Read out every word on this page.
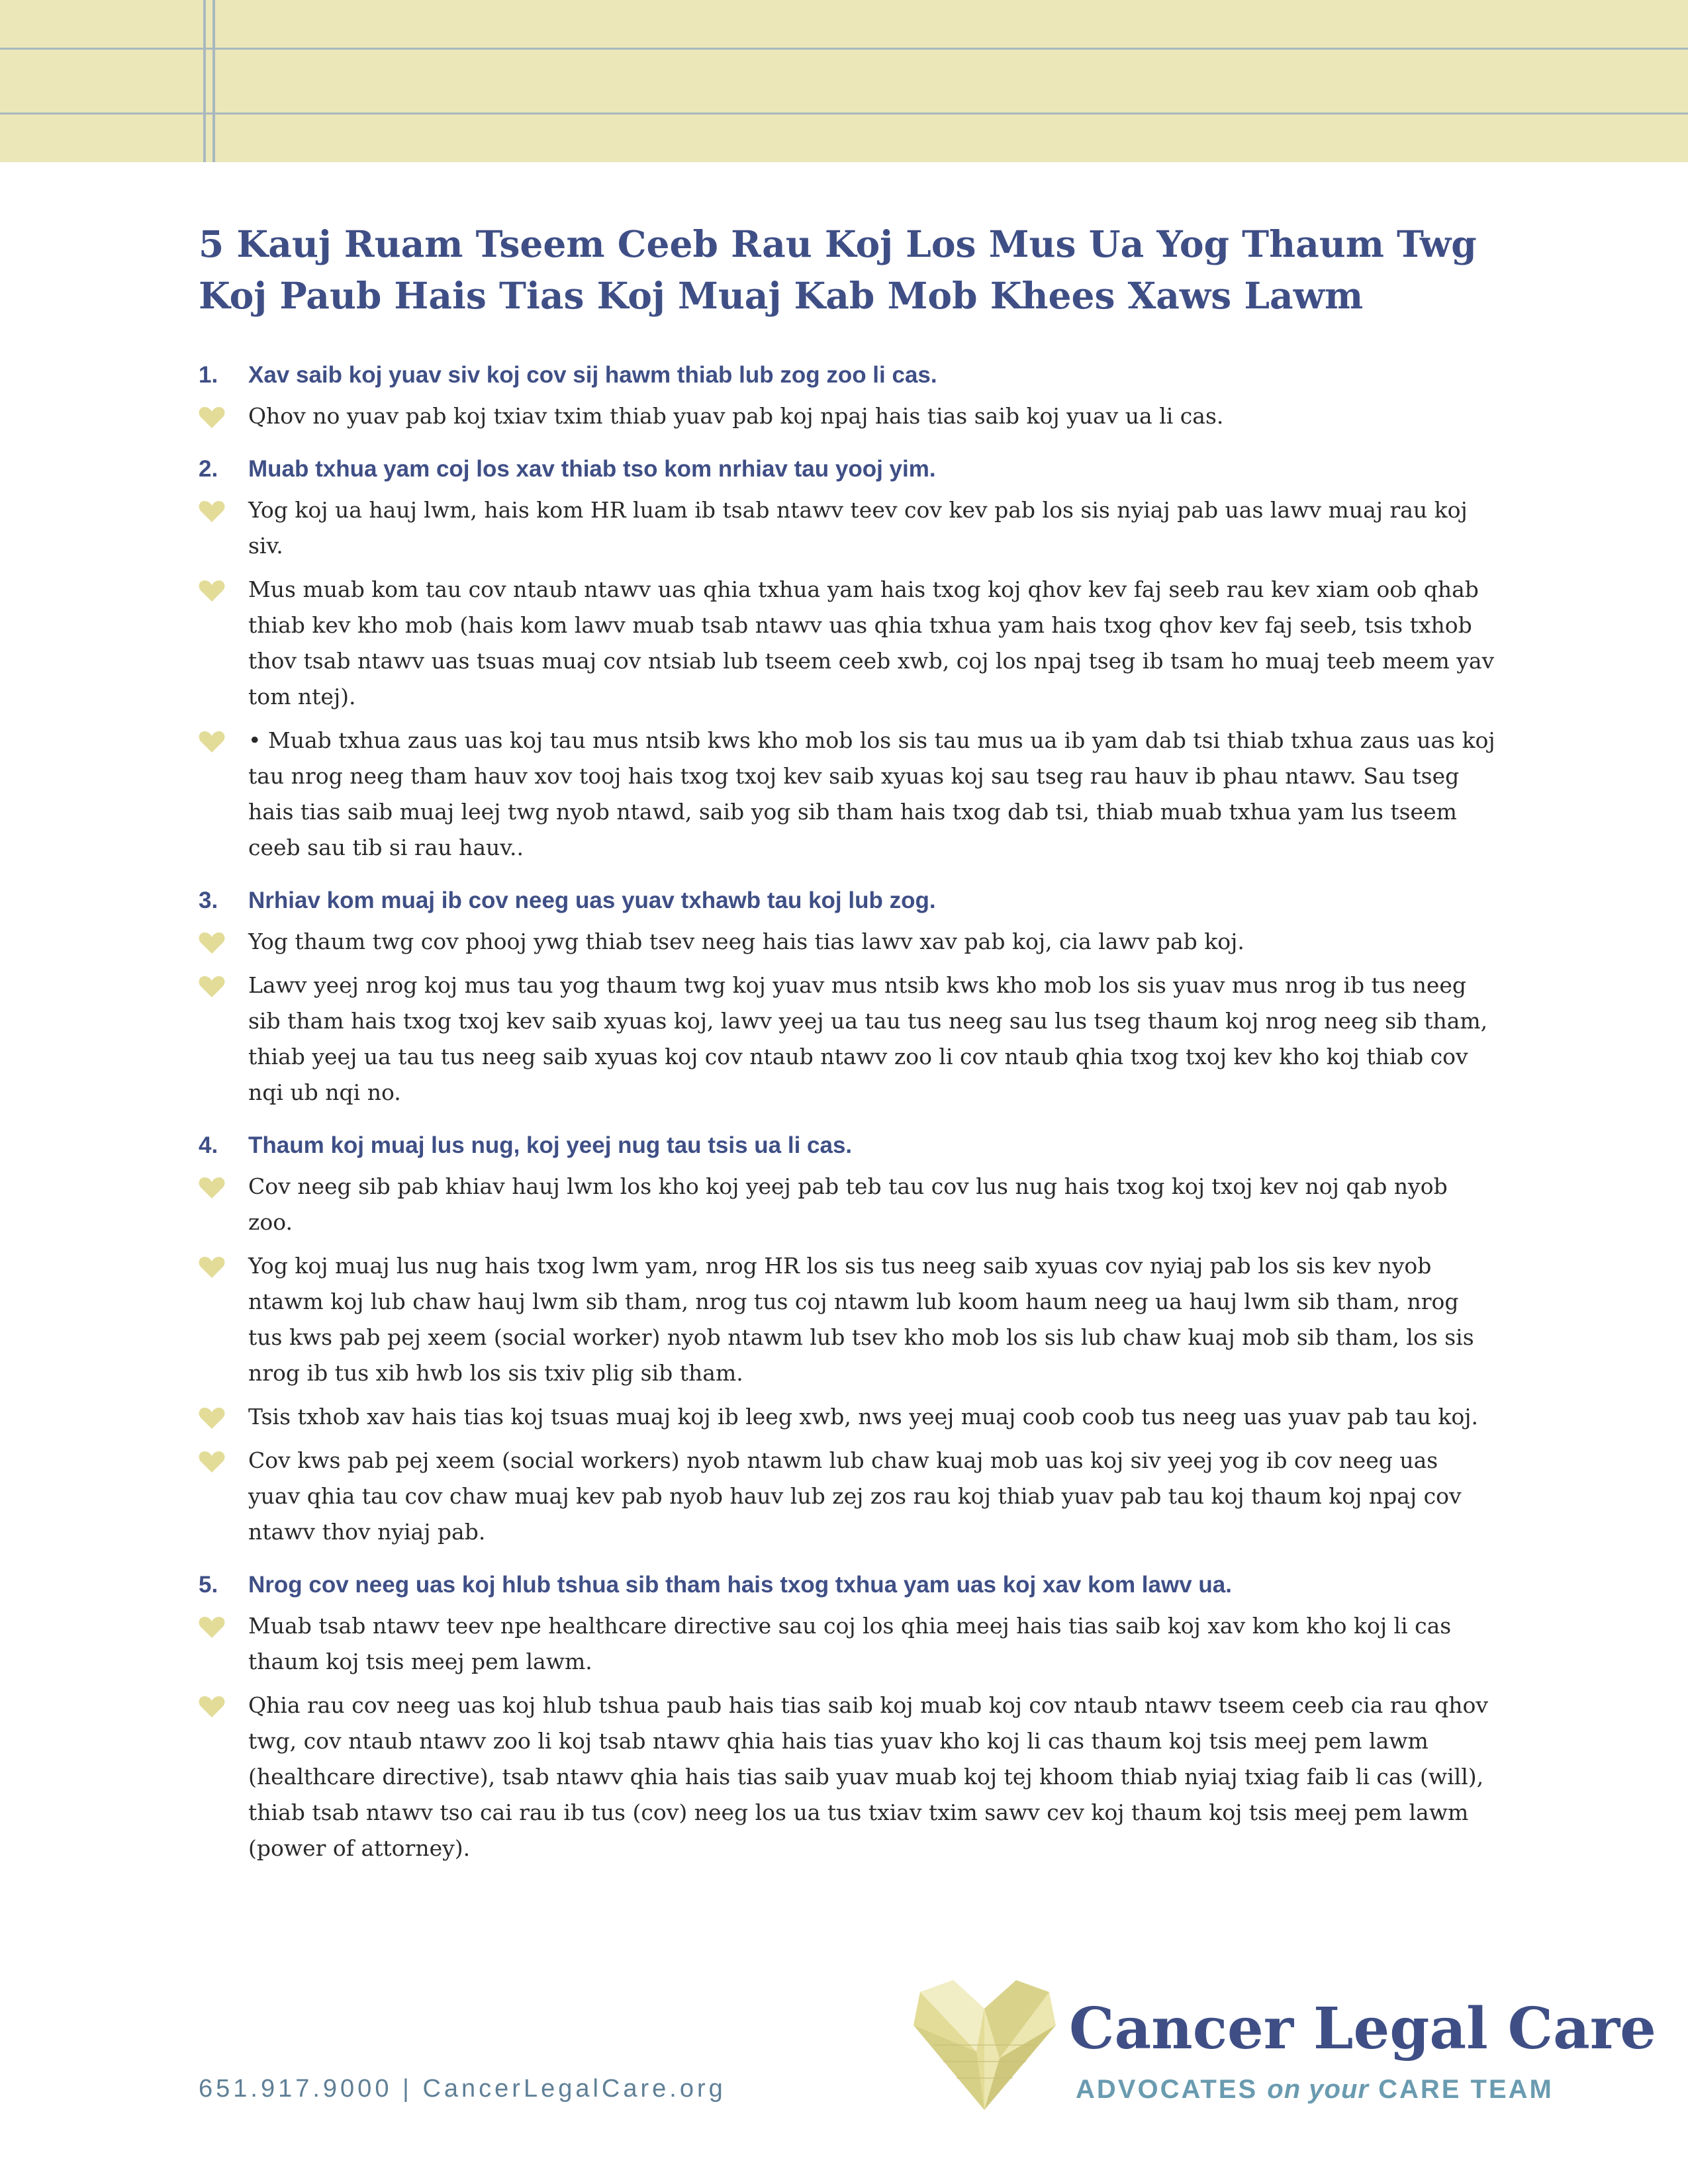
5 Kauj Ruam Tseem Ceeb Rau Koj Los Mus Ua Yog Thaum Twg
Koj Paub Hais Tias Koj Muaj Kab Mob Khees Xaws Lawm
1.	Xav saib koj yuav siv koj cov sij hawm thiab lub zog zoo li cas.
Qhov no yuav pab koj txiav txim thiab yuav pab koj npaj hais tias saib koj yuav ua li cas.
2.	Muab txhua yam coj los xav thiab tso kom nrhiav tau yooj yim.
Yog koj ua hauj lwm, hais kom HR luam ib tsab ntawv teev cov kev pab los sis nyiaj pab uas lawv muaj rau koj siv.
Mus muab kom tau cov ntaub ntawv uas qhia txhua yam hais txog koj qhov kev faj seeb rau kev xiam oob qhab thiab kev kho mob (hais kom lawv muab tsab ntawv uas qhia txhua yam hais txog qhov kev faj seeb, tsis txhob thov tsab ntawv uas tsuas muaj cov ntsiab lub tseem ceeb xwb, coj los npaj tseg ib tsam ho muaj teeb meem yav tom ntej).
• Muab txhua zaus uas koj tau mus ntsib kws kho mob los sis tau mus ua ib yam dab tsi thiab txhua zaus uas koj tau nrog neeg tham hauv xov tooj hais txog txoj kev saib xyuas koj sau tseg rau hauv ib phau ntawv. Sau tseg hais tias saib muaj leej twg nyob ntawd, saib yog sib tham hais txog dab tsi, thiab muab txhua yam lus tseem ceeb sau tib si rau hauv..
3.	Nrhiav kom muaj ib cov neeg uas yuav txhawb tau koj lub zog.
Yog thaum twg cov phooj ywg thiab tsev neeg hais tias lawv xav pab koj, cia lawv pab koj.
Lawv yeej nrog koj mus tau yog thaum twg koj yuav mus ntsib kws kho mob los sis yuav mus nrog ib tus neeg sib tham hais txog txoj kev saib xyuas koj, lawv yeej ua tau tus neeg sau lus tseg thaum koj nrog neeg sib tham, thiab yeej ua tau tus neeg saib xyuas koj cov ntaub ntawv zoo li cov ntaub qhia txog txoj kev kho koj thiab cov nqi ub nqi no.
4.	Thaum koj muaj lus nug, koj yeej nug tau tsis ua li cas.
Cov neeg sib pab khiav hauj lwm los kho koj yeej pab teb tau cov lus nug hais txog koj txoj kev noj qab nyob zoo.
Yog koj muaj lus nug hais txog lwm yam, nrog HR los sis tus neeg saib xyuas cov nyiaj pab los sis kev nyob ntawm koj lub chaw hauj lwm sib tham, nrog tus coj ntawm lub koom haum neeg ua hauj lwm sib tham, nrog tus kws pab pej xeem (social worker) nyob ntawm lub tsev kho mob los sis lub chaw kuaj mob sib tham, los sis nrog ib tus xib hwb los sis txiv plig sib tham.
Tsis txhob xav hais tias koj tsuas muaj koj ib leeg xwb, nws yeej muaj coob coob tus neeg uas yuav pab tau koj.
Cov kws pab pej xeem (social workers) nyob ntawm lub chaw kuaj mob uas koj siv yeej yog ib cov neeg uas yuav qhia tau cov chaw muaj kev pab nyob hauv lub zej zos rau koj thiab yuav pab tau koj thaum koj npaj cov ntawv thov nyiaj pab.
5.	Nrog cov neeg uas koj hlub tshua sib tham hais txog txhua yam uas koj xav kom lawv ua.
Muab tsab ntawv teev npe healthcare directive sau coj los qhia meej hais tias saib koj xav kom kho koj li cas thaum koj tsis meej pem lawm.
Qhia rau cov neeg uas koj hlub tshua paub hais tias saib koj muab koj cov ntaub ntawv tseem ceeb cia rau qhov twg, cov ntaub ntawv zoo li koj tsab ntawv qhia hais tias yuav kho koj li cas thaum koj tsis meej pem lawm (healthcare directive), tsab ntawv qhia hais tias saib yuav muab koj tej khoom thiab nyiaj txiag faib li cas (will), thiab tsab ntawv tso cai rau ib tus (cov) neeg los ua tus txiav txim sawv cev koj thaum koj tsis meej pem lawm (power of attorney).
651.917.9000 | CancerLegalCare.org
Cancer Legal Care
ADVOCATES on your CARE TEAM
